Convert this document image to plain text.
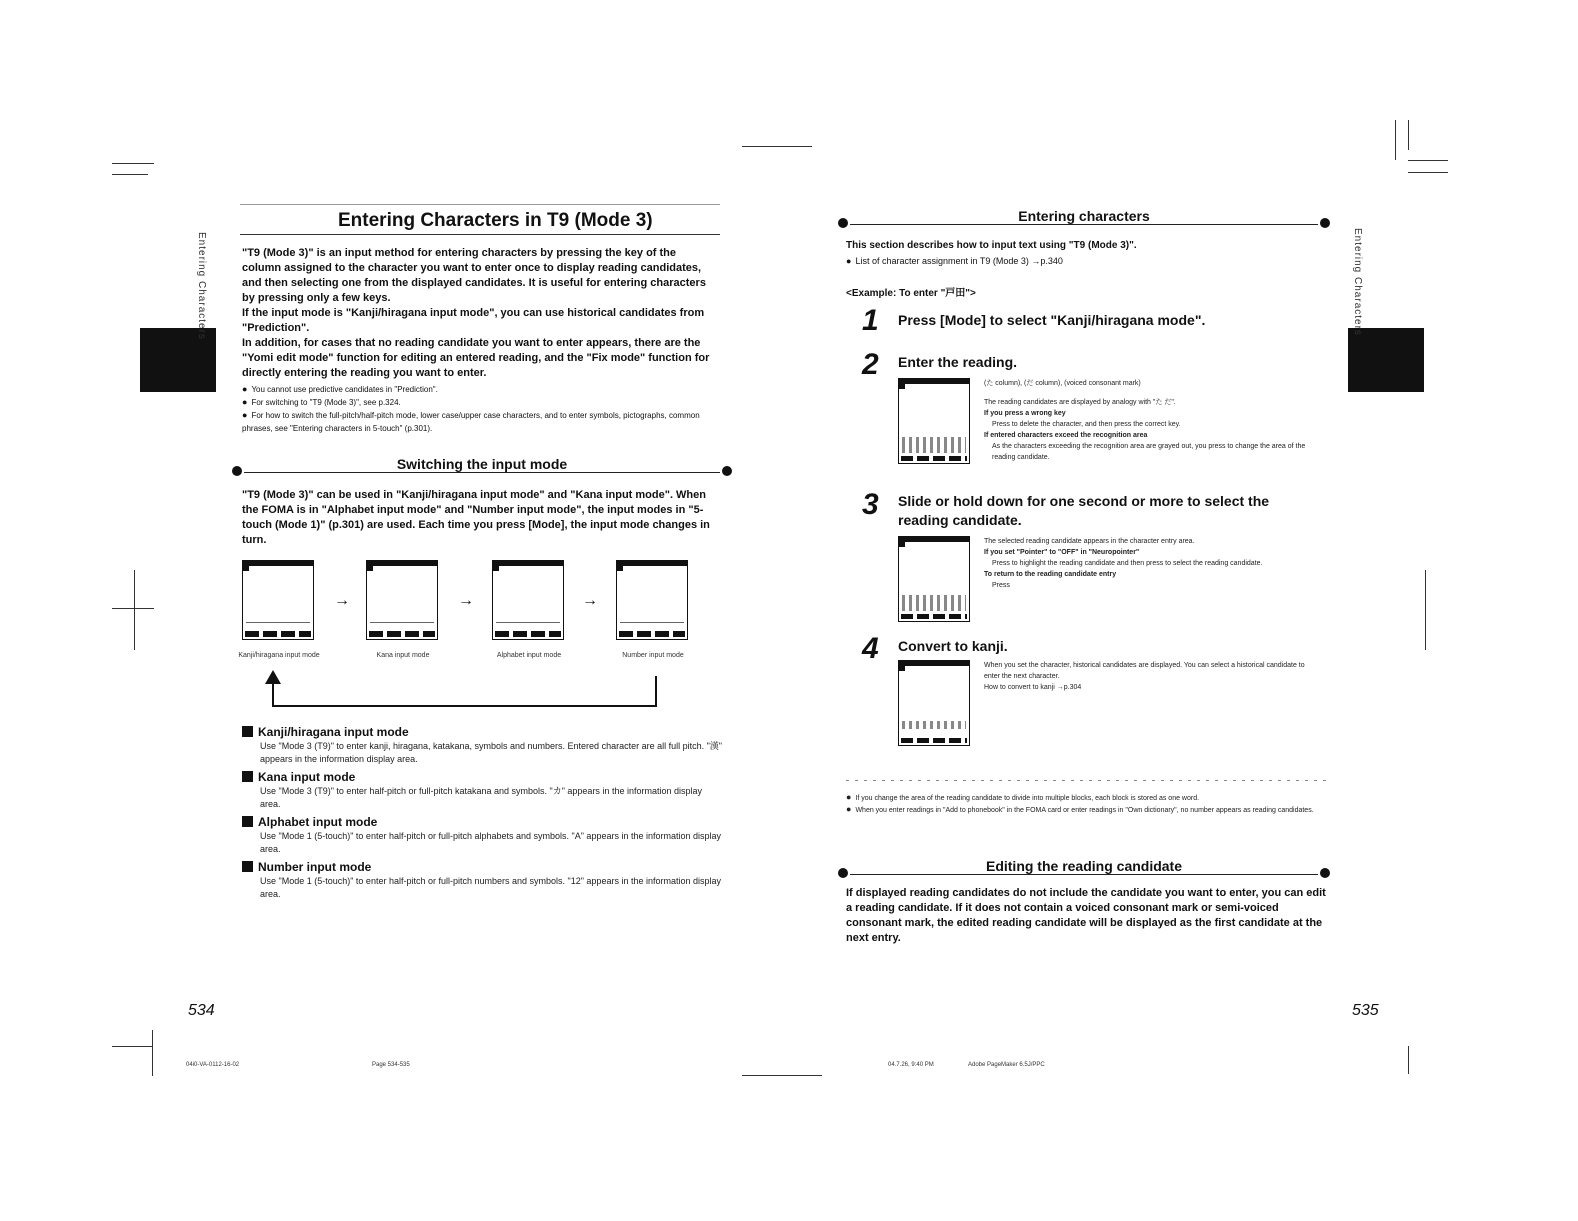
Entering Characters
Entering Characters in T9 (Mode 3)

"T9 (Mode 3)" is an input method for entering characters by pressing the key of the column assigned to the character you want to enter once to display reading candidates, and then selecting one from the displayed candidates. It is useful for entering characters by pressing only a few keys.

If the input mode is "Kanji/hiragana input mode", you can use historical candidates from "Prediction".

In addition, for cases that no reading candidate you want to enter appears, there are the "Yomi edit mode" function for editing an entered reading, and the "Fix mode" function for directly entering the reading you want to enter.

● You cannot use predictive candidates in "Prediction".

● For switching to "T9 (Mode 3)", see p.324.

● For how to switch the full-pitch/half-pitch mode, lower case/upper case characters, and to enter symbols, pictographs, common phrases, see "Entering characters in 5-touch" (p.301).

Switching the input mode

"T9 (Mode 3)" can be used in "Kanji/hiragana input mode" and "Kana input mode". When the FOMA is in "Alphabet input mode" and "Number input mode", the input modes in "5-touch (Mode 1)" (p.301) are used. Each time you press [Mode], the input mode changes in turn.

→	→	→
Kanji/hiragana input mode	Kana input mode	Alphabet input mode	Number input mode

Kanji/hiragana input mode

Use "Mode 3 (T9)" to enter kanji, hiragana, katakana, symbols and numbers. Entered character are all full pitch. "漢" appears in the information display area.

Kana input mode

Use "Mode 3 (T9)" to enter half-pitch or full-pitch katakana and symbols. "カ" appears in the information display area.

Alphabet input mode

Use "Mode 1 (5-touch)" to enter half-pitch or full-pitch alphabets and symbols. "A" appears in the information display area.

Number input mode

Use "Mode 1 (5-touch)" to enter half-pitch or full-pitch numbers and symbols. "12" appears in the information display area.

534
04i0-VA-0112-16-02	Page 534-535
Entering Characters
Entering characters

This section describes how to input text using "T9 (Mode 3)".

● List of character assignment in T9 (Mode 3) →p.340

<Example: To enter "戸田">

1 Press [Mode] to select "Kanji/hiragana mode".
2 Enter the reading.

(た column), (だ column), (voiced consonant mark)

The reading candidates are displayed by analogy with "た だ".

If you press a wrong key

Press to delete the character, and then press the correct key.

If entered characters exceed the recognition area

As the characters exceeding the recognition area are grayed out, you press to change the area of the reading candidate.

3 Slide or hold down for one second or more to select the reading candidate.

The selected reading candidate appears in the character entry area.

If you set "Pointer" to "OFF" in "Neuropointer"

Press to highlight the reading candidate and then press to select the reading candidate.

To return to the reading candidate entry

Press

4 Convert to kanji.

When you set the character, historical candidates are displayed. You can select a historical candidate to enter the next character.

How to convert to kanji →p.304

● If you change the area of the reading candidate to divide into multiple blocks, each block is stored as one word.

● When you enter readings in "Add to phonebook" in the FOMA card or enter readings in "Own dictionary", no number appears as reading candidates.

Editing the reading candidate

If displayed reading candidates do not include the candidate you want to enter, you can edit a reading candidate. If it does not contain a voiced consonant mark or semi-voiced consonant mark, the edited reading candidate will be displayed as the first candidate at the next entry.

535
04.7.26, 9:40 PM	Adobe PageMaker 6.5J/PPC
